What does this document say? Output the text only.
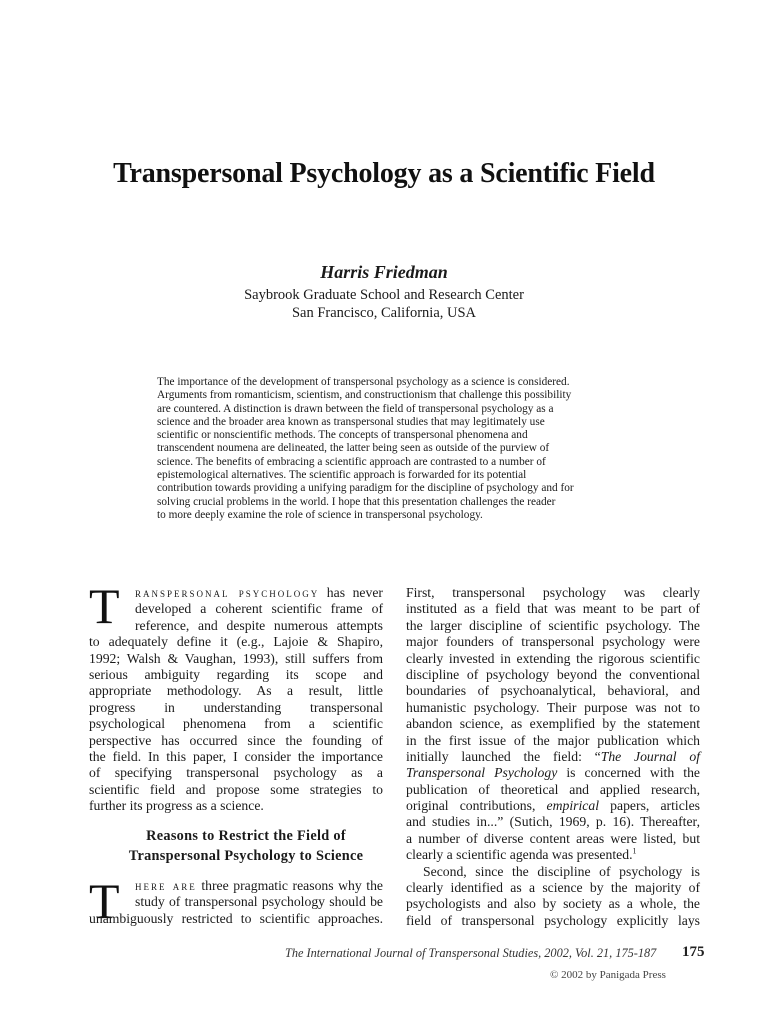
Transpersonal Psychology as a Scientific Field
Harris Friedman
Saybrook Graduate School and Research Center
San Francisco, California, USA

The importance of the development of transpersonal psychology as a science is considered.
Arguments from romanticism, scientism, and constructionism that challenge this possibility
are countered. A distinction is drawn between the field of transpersonal psychology as a
science and the broader area known as transpersonal studies that may legitimately use
scientific or nonscientific methods. The concepts of transpersonal phenomena and
transcendent noumena are delineated, the latter being seen as outside of the purview of
science. The benefits of embracing a scientific approach are contrasted to a number of
epistemological alternatives. The scientific approach is forwarded for its potential
contribution towards providing a unifying paradigm for the discipline of psychology and for
solving crucial problems in the world. I hope that this presentation challenges the reader
to more deeply examine the role of science in transpersonal psychology.

T	ranspersonal psychology has never
developed a coherent scientific frame of
reference, and despite numerous attempts
to adequately define it (e.g., Lajoie & Shapiro,
1992; Walsh & Vaughan, 1993), still suffers from
serious ambiguity regarding its scope and
appropriate methodology. As a result, little
progress in understanding transpersonal
psychological phenomena from a scientific
perspective has occurred since the founding of
the field. In this paper, I consider the importance
of specifying transpersonal psychology as a
scientific field and propose some strategies to
further its progress as a science.
Reasons to Restrict the Field of
Transpersonal Psychology to Science
T	here are three pragmatic reasons why the
study of transpersonal psychology should be
unambiguously restricted to scientific approaches.
First, transpersonal psychology was clearly
instituted as a field that was meant to be part of
the larger discipline of scientific psychology. The
major founders of transpersonal psychology were
clearly invested in extending the rigorous scientific
discipline of psychology beyond the conventional
boundaries of psychoanalytical, behavioral, and
humanistic psychology. Their purpose was not to
abandon science, as exemplified by the statement
in the first issue of the major publication which
initially launched the field: “The Journal of
Transpersonal Psychology is concerned with the
publication of theoretical and applied research,
original contributions, empirical papers, articles
and studies in...” (Sutich, 1969, p. 16). Thereafter,
a number of diverse content areas were listed, but
clearly a scientific agenda was presented.$^1$
Second, since the discipline of psychology is
clearly identified as a science by the majority of
psychologists and also by society as a whole, the
field of transpersonal psychology explicitly lays
The International Journal of Transpersonal Studies, 2002, Vol. 21, 175-187 175
© 2002 by Panigada Press
